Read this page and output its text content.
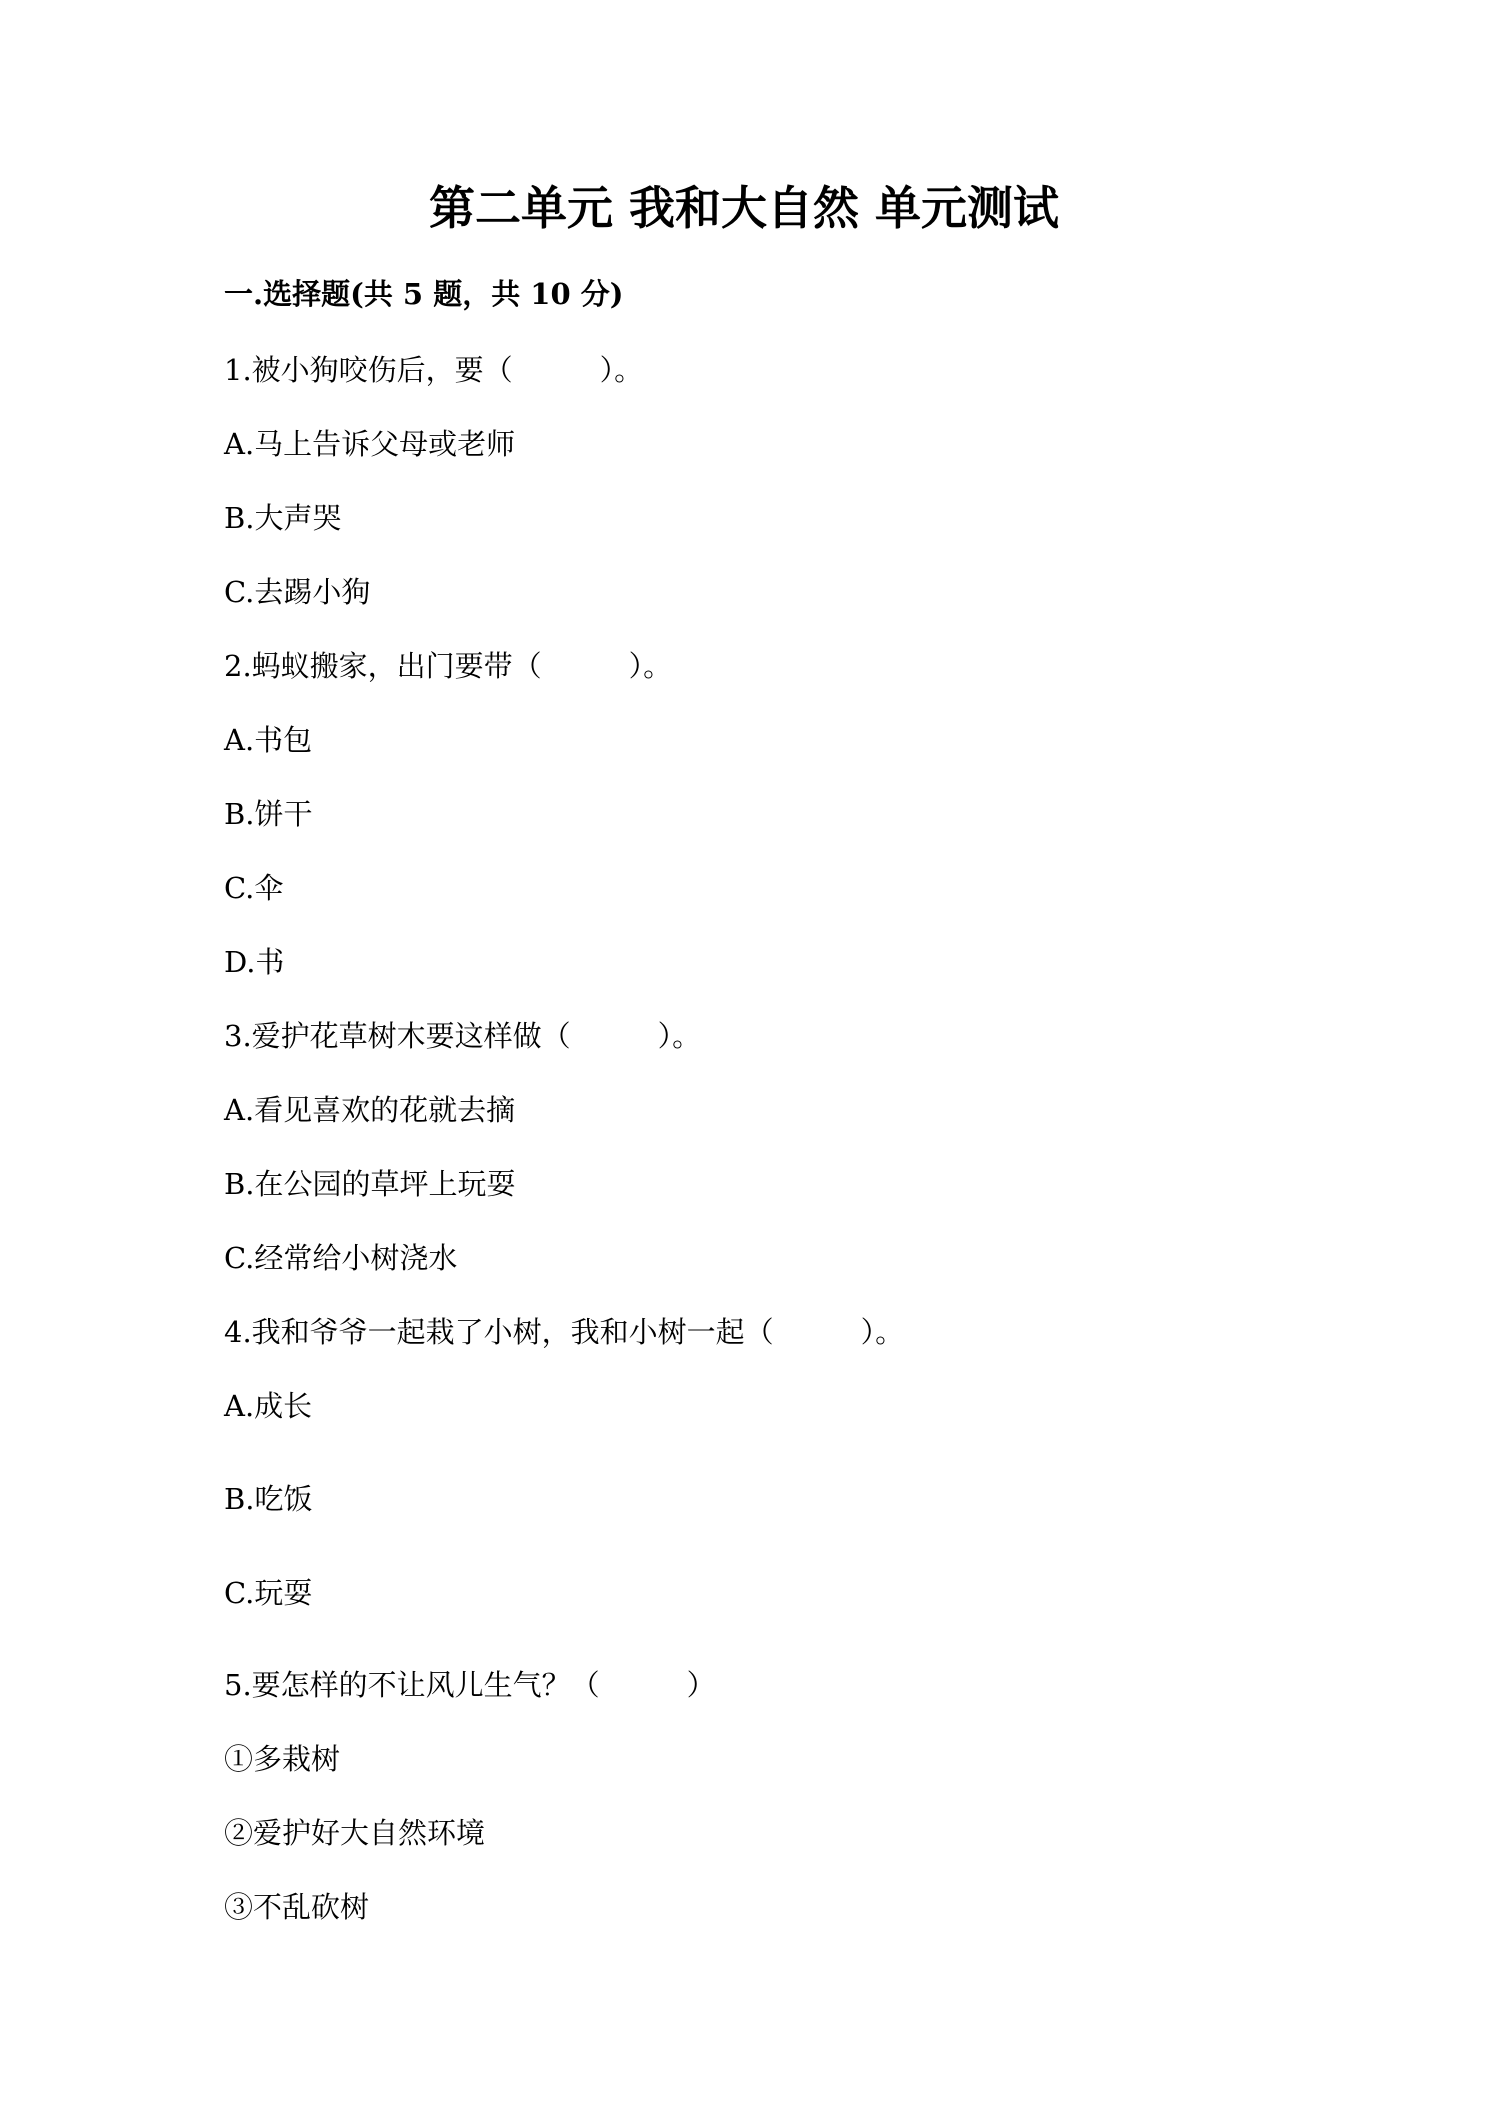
第二单元 我和大自然 单元测试
一.选择题(共 5 题，共 10 分)
1.被小狗咬伤后，要（　　　）。
A.马上告诉父母或老师
B.大声哭
C.去踢小狗
2.蚂蚁搬家，出门要带（　　　）。
A.书包
B.饼干
C.伞
D.书
3.爱护花草树木要这样做（　　　）。
A.看见喜欢的花就去摘
B.在公园的草坪上玩耍
C.经常给小树浇水
4.我和爷爷一起栽了小树，我和小树一起（　　　）。
A.成长
B.吃饭
C.玩耍
5.要怎样的不让风儿生气？（　　　）
①多栽树
②爱护好大自然环境
③不乱砍树
